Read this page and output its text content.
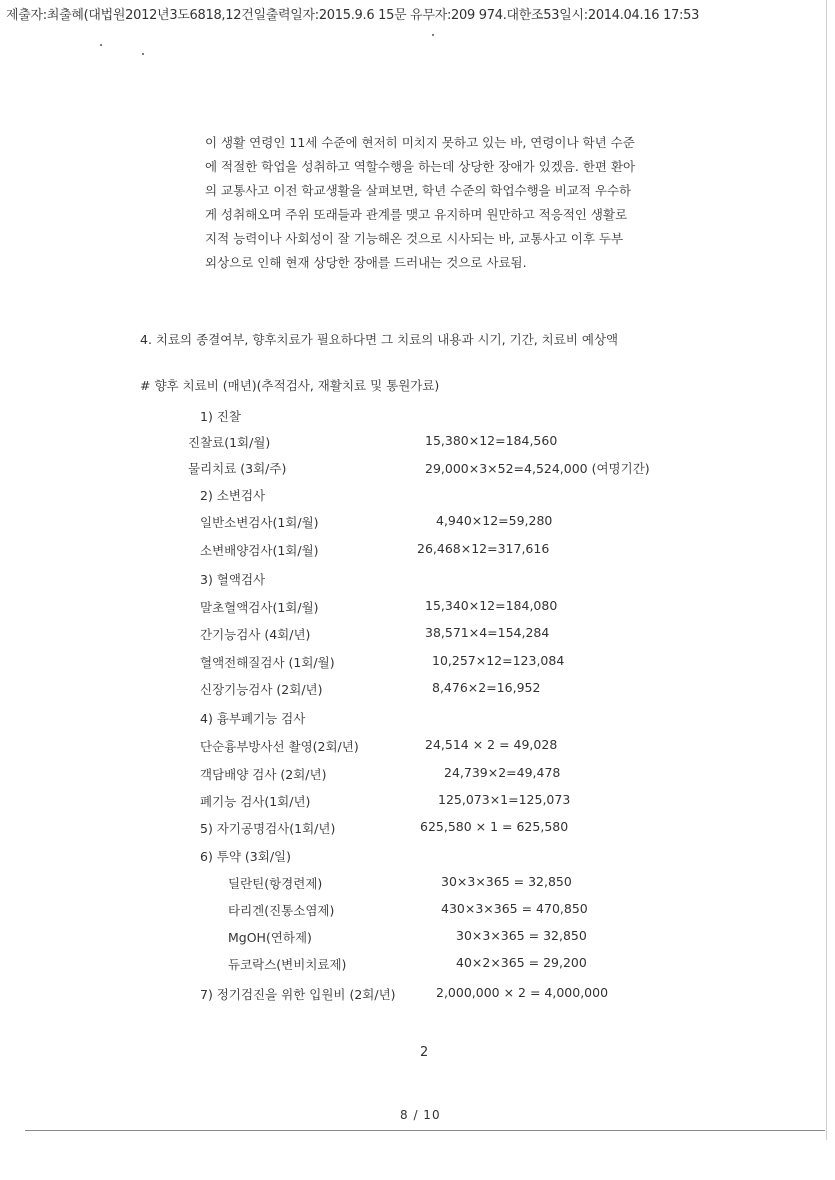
제출자:최출혜(대법원2012년3도6818,12건일출력일자:2015.9.6 15문 유무자:209 974.대한조53일시:2014.04.16 17:53
이 생활 연령인 11세 수준에 현저히 미치지 못하고 있는 바, 연령이나 학년 수준
에 적절한 학업을 성취하고 역할수행을 하는데 상당한 장애가 있겠음. 한편 환아
의 교통사고 이전 학교생활을 살펴보면, 학년 수준의 학업수행을 비교적 우수하
게 성취해오며 주위 또래들과 관계를 맺고 유지하며 원만하고 적응적인 생활로
지적 능력이나 사회성이 잘 기능해온 것으로 시사되는 바, 교통사고 이후 두부
외상으로 인해 현재 상당한 장애를 드러내는 것으로 사료됨.
4. 치료의 종결여부, 향후치료가 필요하다면 그 치료의 내용과 시기, 기간, 치료비 예상액
# 향후 치료비 (매년)(추적검사, 재활치료 및 통원가료)
1) 진찰
진찰료(1회/월)	15,380×12=184,560
물리치료 (3회/주)	29,000×3×52=4,524,000 (여명기간)
2) 소변검사
일반소변검사(1회/월)	4,940×12=59,280
소변배양검사(1회/월)	26,468×12=317,616
3) 혈액검사
말초혈액검사(1회/월)	15,340×12=184,080
간기능검사 (4회/년)	38,571×4=154,284
혈액전해질검사 (1회/월)	10,257×12=123,084
신장기능검사 (2회/년)	8,476×2=16,952
4) 흉부폐기능 검사
단순흉부방사선 촬영(2회/년)	24,514 × 2 = 49,028
객담배양 검사 (2회/년)	24,739×2=49,478
폐기능 검사(1회/년)	125,073×1=125,073
5) 자기공명검사(1회/년)	625,580 × 1 = 625,580
6) 투약 (3회/일)
딜란틴(항경련제)	30×3×365 = 32,850
타리겐(진통소염제)	430×3×365 = 470,850
MgOH(연하제)	30×3×365 = 32,850
듀코락스(변비치료제)	40×2×365 = 29,200
7) 정기검진을 위한 입원비 (2회/년)	2,000,000 × 2 = 4,000,000
2
8 / 10
